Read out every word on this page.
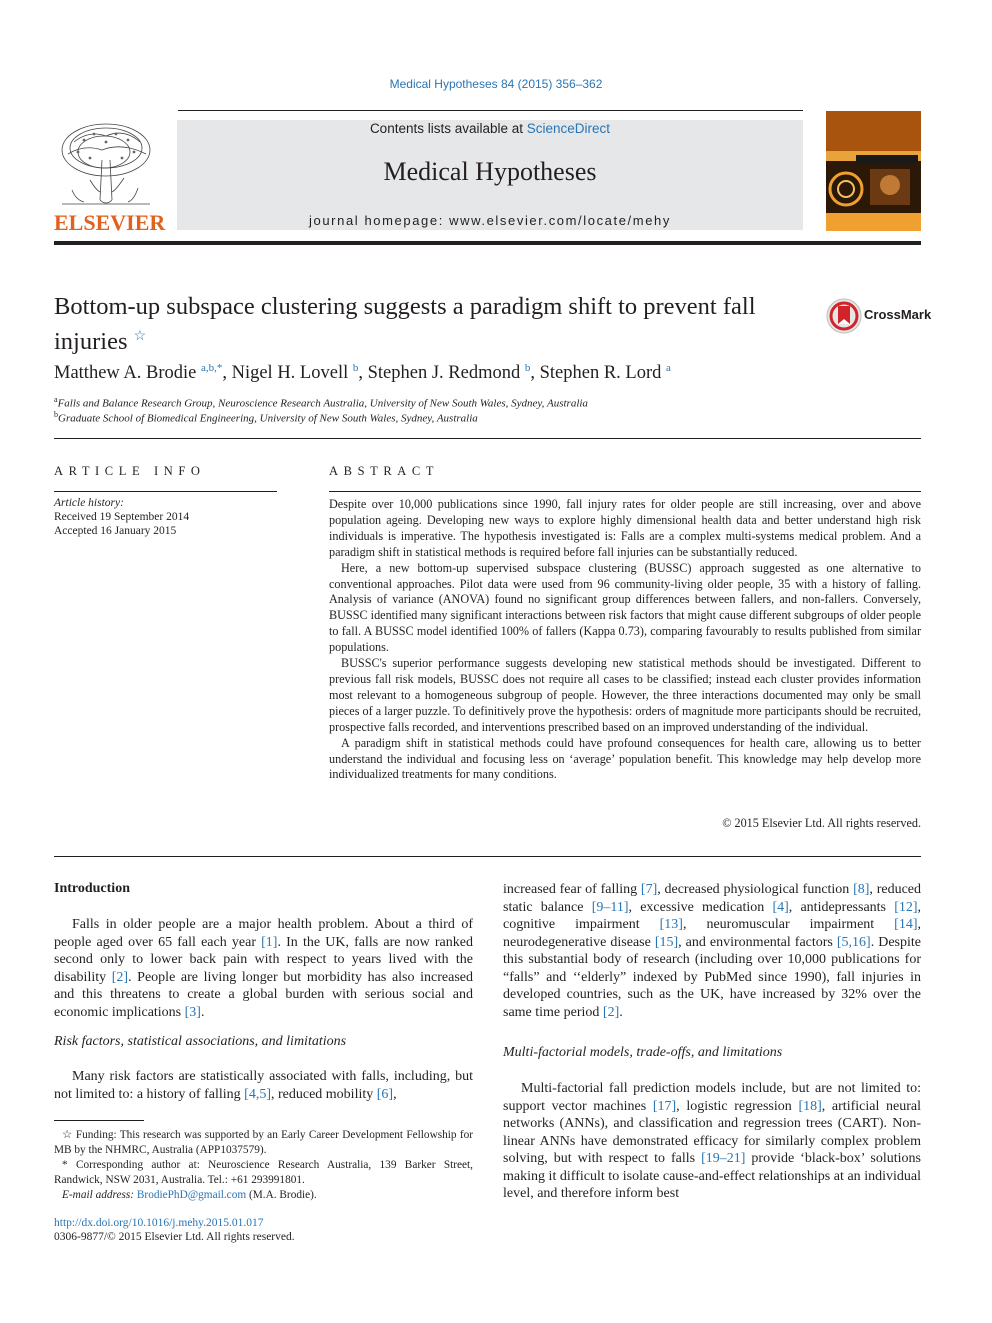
Medical Hypotheses 84 (2015) 356–362
ELSEVIER
Contents lists available at ScienceDirect
Medical Hypotheses
journal homepage: www.elsevier.com/locate/mehy
Bottom-up subspace clustering suggests a paradigm shift to prevent fall injuries ☆
CrossMark
Matthew A. Brodie $^{a,b,*}$, Nigel H. Lovell $^b$, Stephen J. Redmond $^b$, Stephen R. Lord $^a$
$^a$Falls and Balance Research Group, Neuroscience Research Australia, University of New South Wales, Sydney, Australia
$^b$Graduate School of Biomedical Engineering, University of New South Wales, Sydney, Australia
ARTICLE INFO
Article history:
Received 19 September 2014
Accepted 16 January 2015
ABSTRACT

Despite over 10,000 publications since 1990, fall injury rates for older people are still increasing, over and above population ageing. Developing new ways to explore highly dimensional health data and better understand high risk individuals is imperative. The hypothesis investigated is: Falls are a complex multi-systems medical problem. And a paradigm shift in statistical methods is required before fall injuries can be substantially reduced.

Here, a new bottom-up supervised subspace clustering (BUSSC) approach suggested as one alternative to conventional approaches. Pilot data were used from 96 community-living older people, 35 with a history of falling. Analysis of variance (ANOVA) found no significant group differences between fallers, and non-fallers. Conversely, BUSSC identified many significant interactions between risk factors that might cause different subgroups of older people to fall. A BUSSC model identified 100% of fallers (Kappa 0.73), comparing favourably to results published from similar populations.

BUSSC's superior performance suggests developing new statistical methods should be investigated. Different to previous fall risk models, BUSSC does not require all cases to be classified; instead each cluster provides information most relevant to a homogeneous subgroup of people. However, the three interactions documented may only be small pieces of a larger puzzle. To definitively prove the hypothesis: orders of magnitude more participants should be recruited, prospective falls recorded, and interventions prescribed based on an improved understanding of the individual.

A paradigm shift in statistical methods could have profound consequences for health care, allowing us to better understand the individual and focusing less on ‘average’ population benefit. This knowledge may help develop more individualized treatments for many conditions.

© 2015 Elsevier Ltd. All rights reserved.
Introduction

Falls in older people are a major health problem. About a third of people aged over 65 fall each year [1]. In the UK, falls are now ranked second only to lower back pain with respect to years lived with the disability [2]. People are living longer but morbidity has also increased and this threatens to create a global burden with serious social and economic implications [3].

Risk factors, statistical associations, and limitations

Many risk factors are statistically associated with falls, including, but not limited to: a history of falling [4,5], reduced mobility [6],

increased fear of falling [7], decreased physiological function [8], reduced static balance [9–11], excessive medication [4], antidepressants [12], cognitive impairment [13], neuromuscular impairment [14], neurodegenerative disease [15], and environmental factors [5,16]. Despite this substantial body of research (including over 10,000 publications for “falls” and ‘‘elderly” indexed by PubMed since 1990), fall injuries in developed countries, such as the UK, have increased by 32% over the same time period [2].

Multi-factorial models, trade-offs, and limitations

Multi-factorial fall prediction models include, but are not limited to: support vector machines [17], logistic regression [18], artificial neural networks (ANNs), and classification and regression trees (CART). Non-linear ANNs have demonstrated efficacy for similarly complex problem solving, but with respect to falls [19–21] provide ‘black-box’ solutions making it difficult to isolate cause-and-effect relationships at an individual level, and therefore inform best

☆ Funding: This research was supported by an Early Career Development Fellowship for MB by the NHMRC, Australia (APP1037579).

* Corresponding author at: Neuroscience Research Australia, 139 Barker Street, Randwick, NSW 2031, Australia. Tel.: +61 293991801.

E-mail address: BrodiePhD@gmail.com (M.A. Brodie).

http://dx.doi.org/10.1016/j.mehy.2015.01.017
0306-9877/© 2015 Elsevier Ltd. All rights reserved.
